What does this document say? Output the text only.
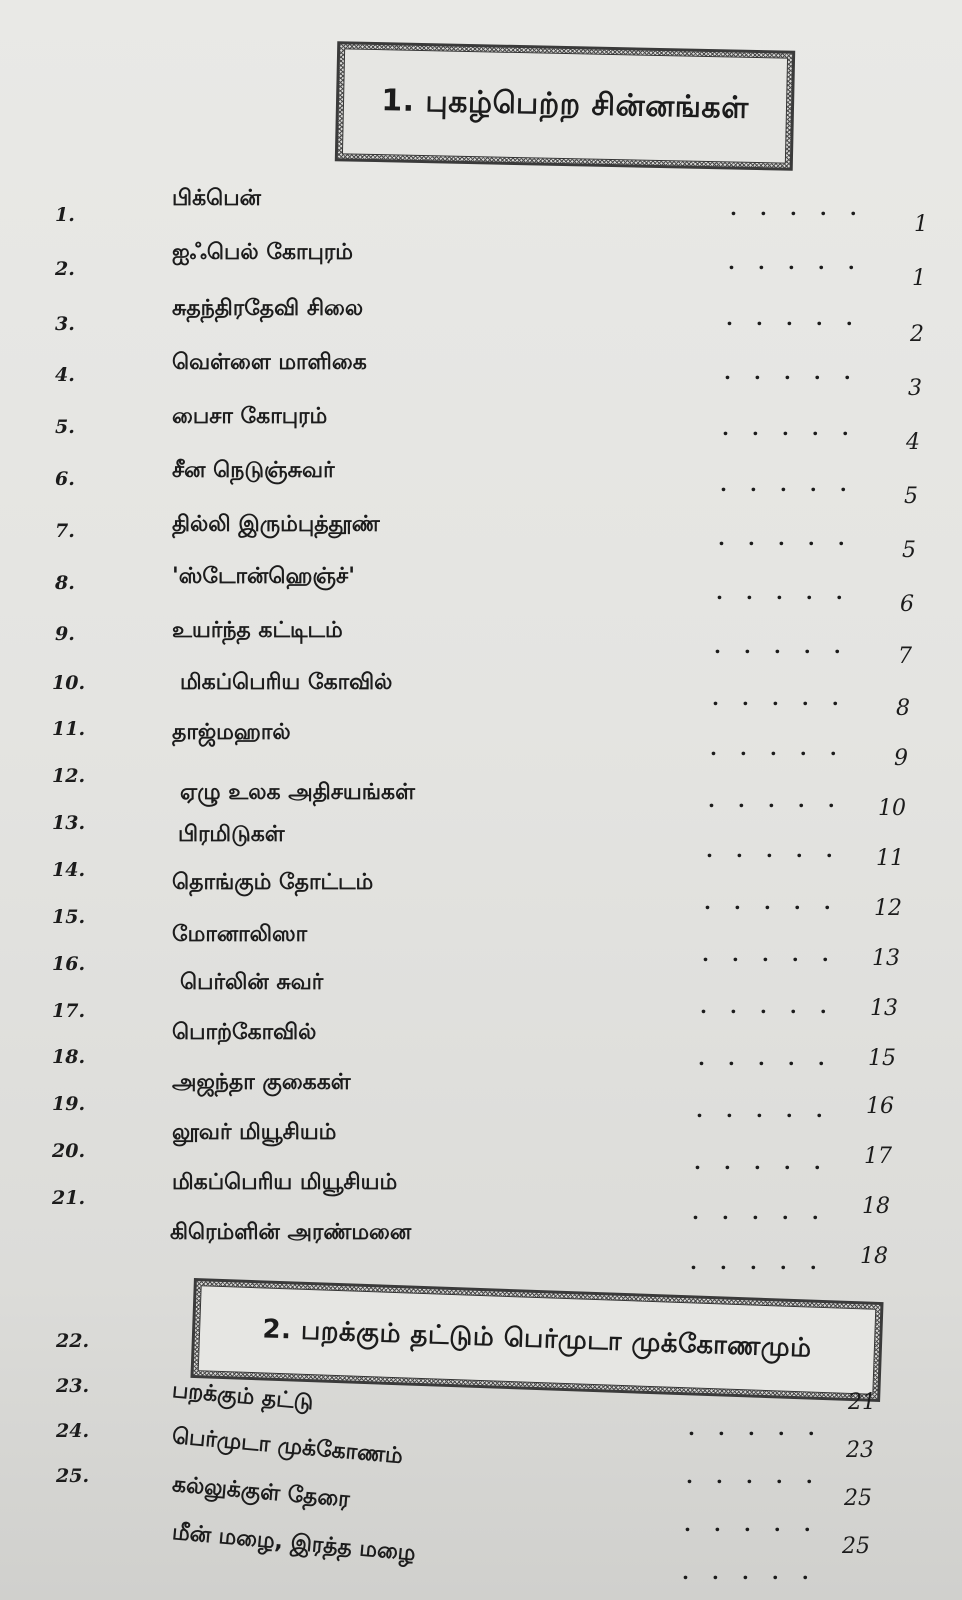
1. புகழ்பெற்ற சின்னங்கள்
1.
2.
3.
4.
5.
6.
7.
8.
9.
10.
11.
12.
13.
14.
15.
16.
17.
18.
19.
20.
21.
22.
23.
24.
25.
பிக்பென்
ஐஃபெல் கோபுரம்
சுதந்திரதேவி சிலை
வெள்ளை மாளிகை
பைசா கோபுரம்
சீன நெடுஞ்சுவர்
தில்லி இரும்புத்தூண்
'ஸ்டோன்ஹெஞ்ச்'
உயர்ந்த கட்டிடம்
மிகப்பெரிய கோவில்
தாஜ்மஹால்
ஏழு உலக அதிசயங்கள்
பிரமிடுகள்
தொங்கும் தோட்டம்
மோனாலிஸா
பெர்லின் சுவர்
பொற்கோவில்
அஜந்தா குகைகள்
லூவர் மியூசியம்
மிகப்பெரிய மியூசியம்
கிரெம்ளின் அரண்மனை
. . . . .
. . . . .
. . . . .
. . . . .
. . . . .
. . . . .
. . . . .
. . . . .
. . . . .
. . . . .
. . . . .
. . . . .
. . . . .
. . . . .
. . . . .
. . . . .
. . . . .
. . . . .
. . . . .
. . . . .
. . . . .
1
1
2
3
4
5
5
6
7
8
9
10
11
12
13
13
15
16
17
18
18
2. பறக்கும் தட்டும் பெர்முடா முக்கோணமும்
பறக்கும் தட்டு
பெர்முடா முக்கோணம்
கல்லுக்குள் தேரை
மீன் மழை, இரத்த மழை
. . . . .
. . . . .
. . . . .
. . . . .
21
23
25
25
